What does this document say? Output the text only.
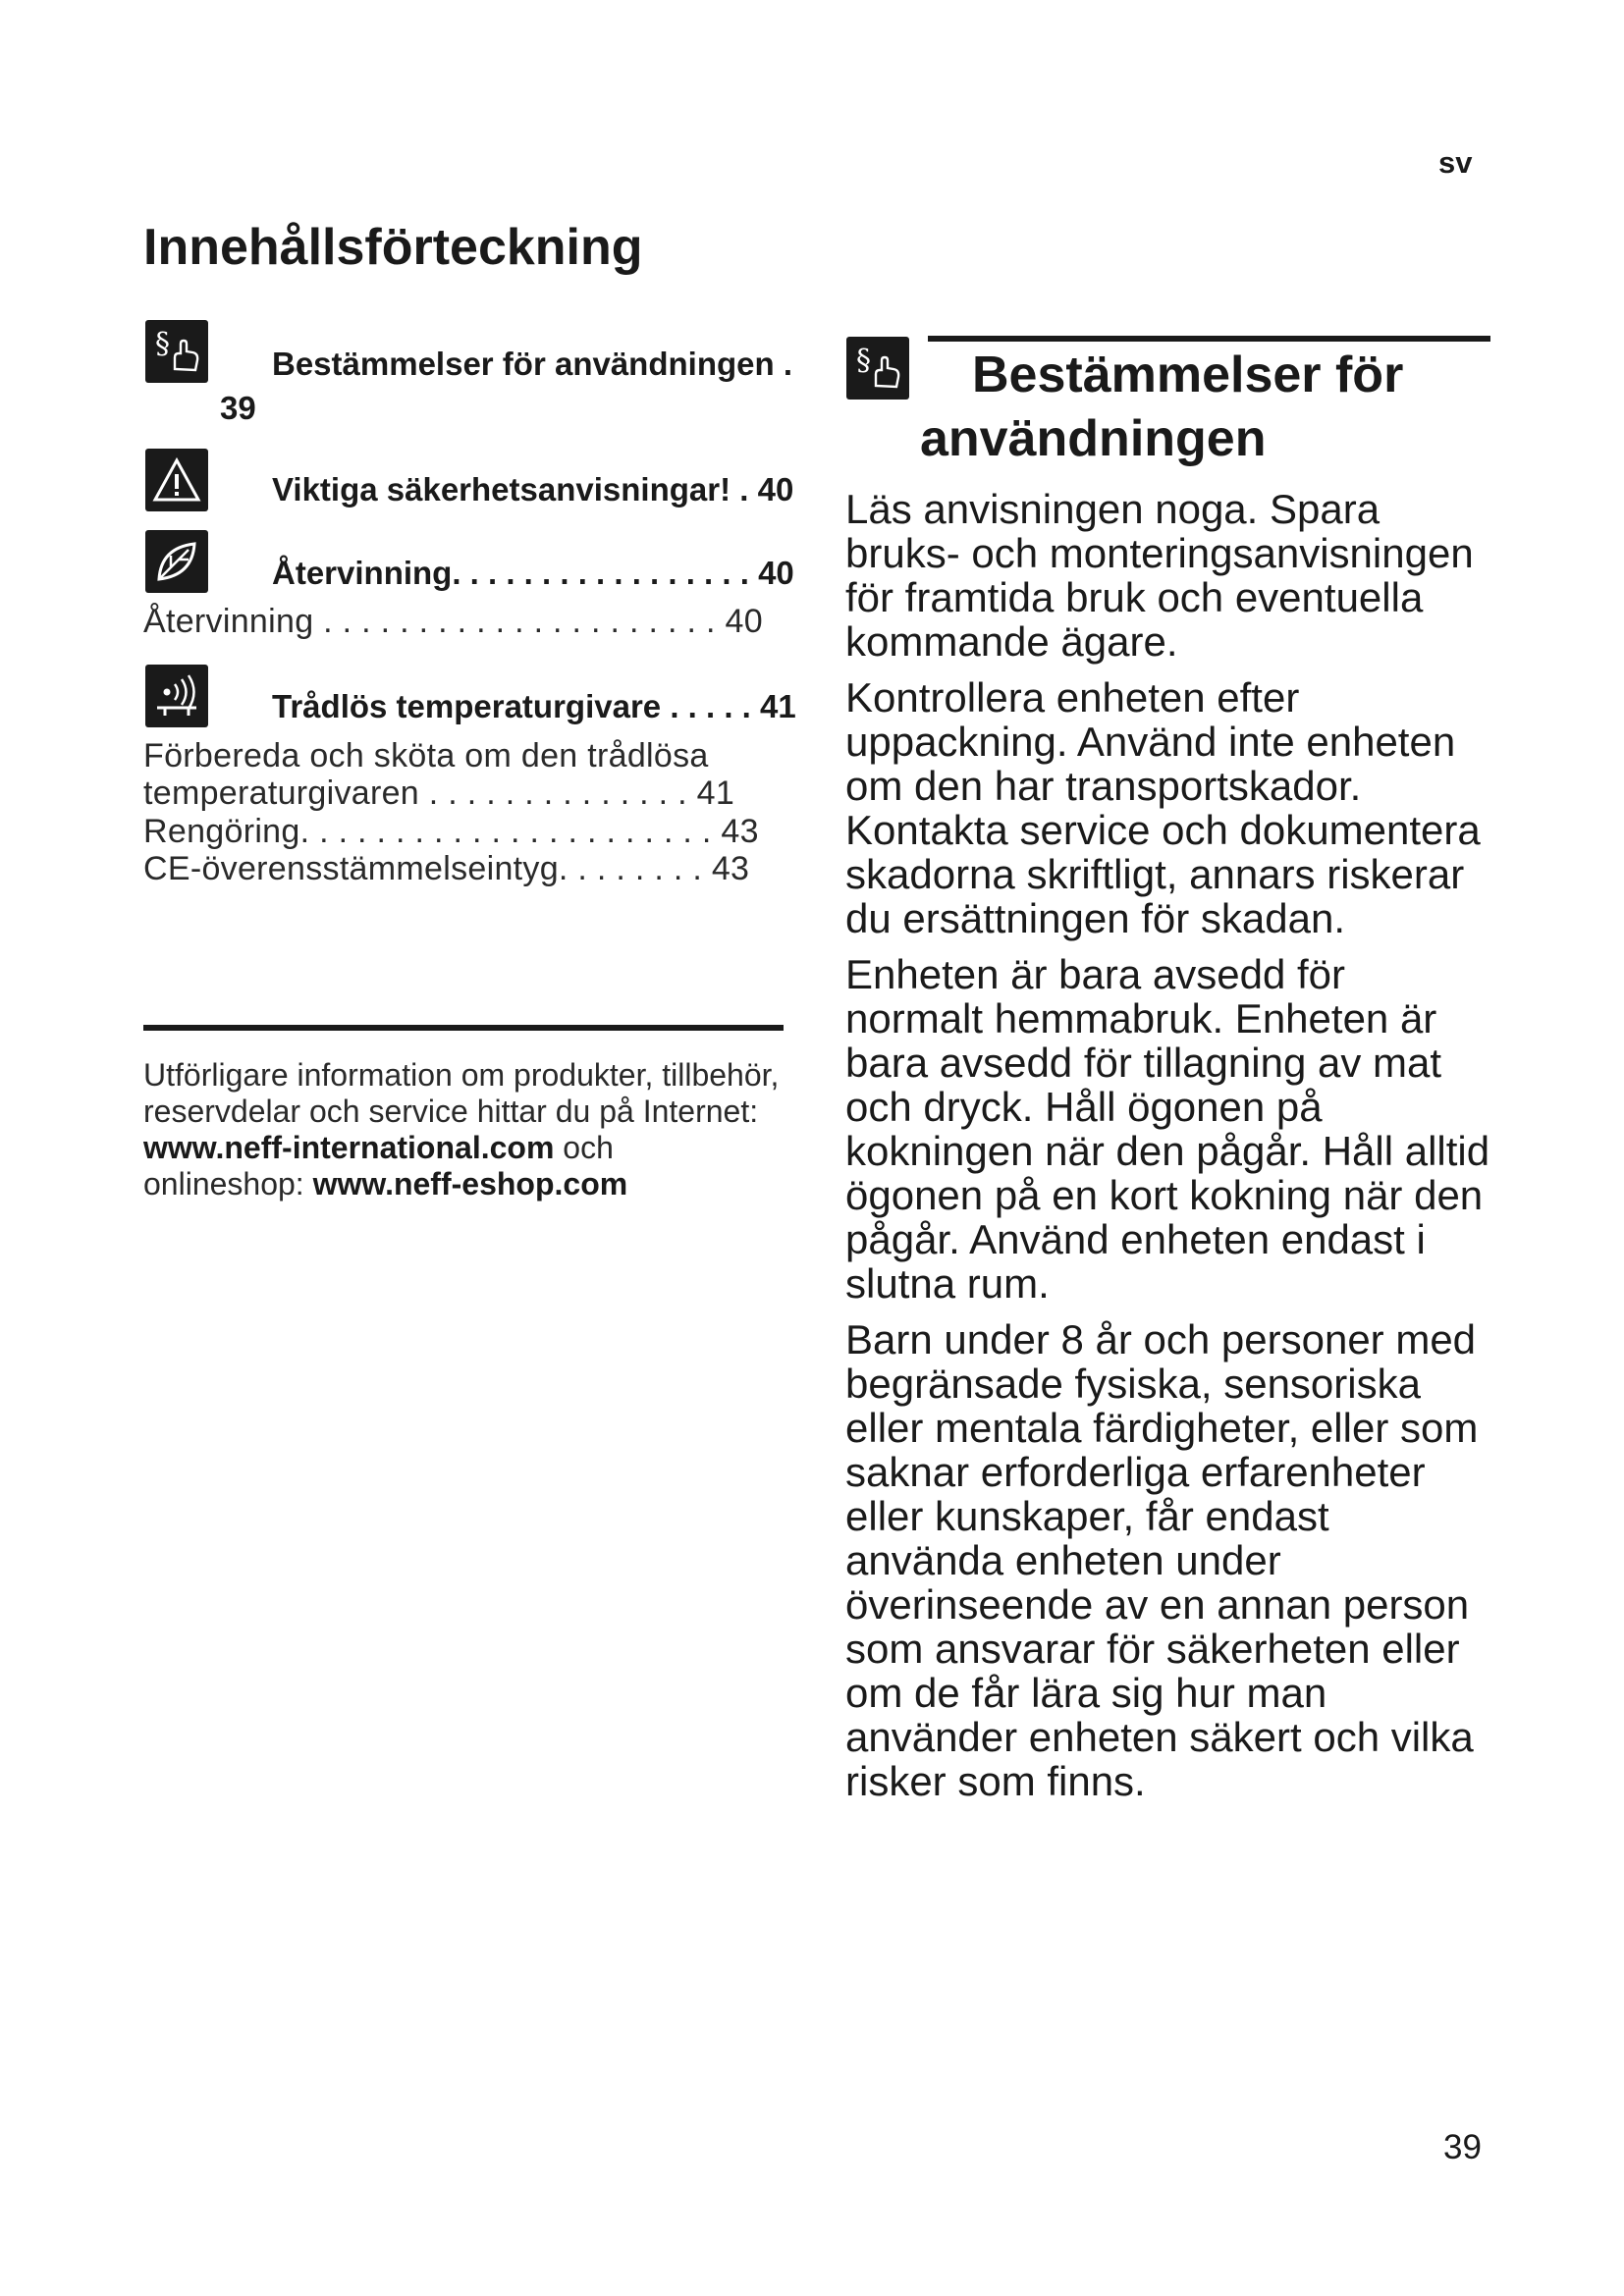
sv
Innehållsförteckning
§
Bestämmelser för användningen .
39
Viktiga säkerhetsanvisningar! . 40
Återvinning. . . . . . . . . . . . . . . . . 40
Återvinning . . . . . . . . . . . . . . . . . . . . . 40
Trådlös temperaturgivare . . . . . 41
Förbereda och sköta om den trådlösa
temperaturgivaren . . . . . . . . . . . . . . 41
Rengöring. . . . . . . . . . . . . . . . . . . . . . 43
CE-överensstämmelseintyg. . . . . . . . 43
Utförligare information om produkter, tillbehör, reservdelar och service hittar du på Internet:
www.neff-international.com och
onlineshop: www.neff-eshop.com
§ Bestämmelser för
användningen

Läs anvisningen noga. Spara bruks- och monteringsanvisningen för framtida bruk och eventuella kommande ägare.

Kontrollera enheten efter uppackning. Använd inte enheten om den har transportskador. Kontakta service och dokumentera skadorna skriftligt, annars riskerar du ersättningen för skadan.

Enheten är bara avsedd för normalt hemmabruk. Enheten är bara avsedd för tillagning av mat och dryck. Håll ögonen på kokningen när den pågår. Håll alltid ögonen på en kort kokning när den pågår. Använd enheten endast i slutna rum.

Barn under 8 år och personer med begränsade fysiska, sensoriska eller mentala färdigheter, eller som saknar erforderliga erfarenheter eller kunskaper, får endast använda enheten under överinseende av en annan person som ansvarar för säkerheten eller om de får lära sig hur man använder enheten säkert och vilka risker som finns.

39
